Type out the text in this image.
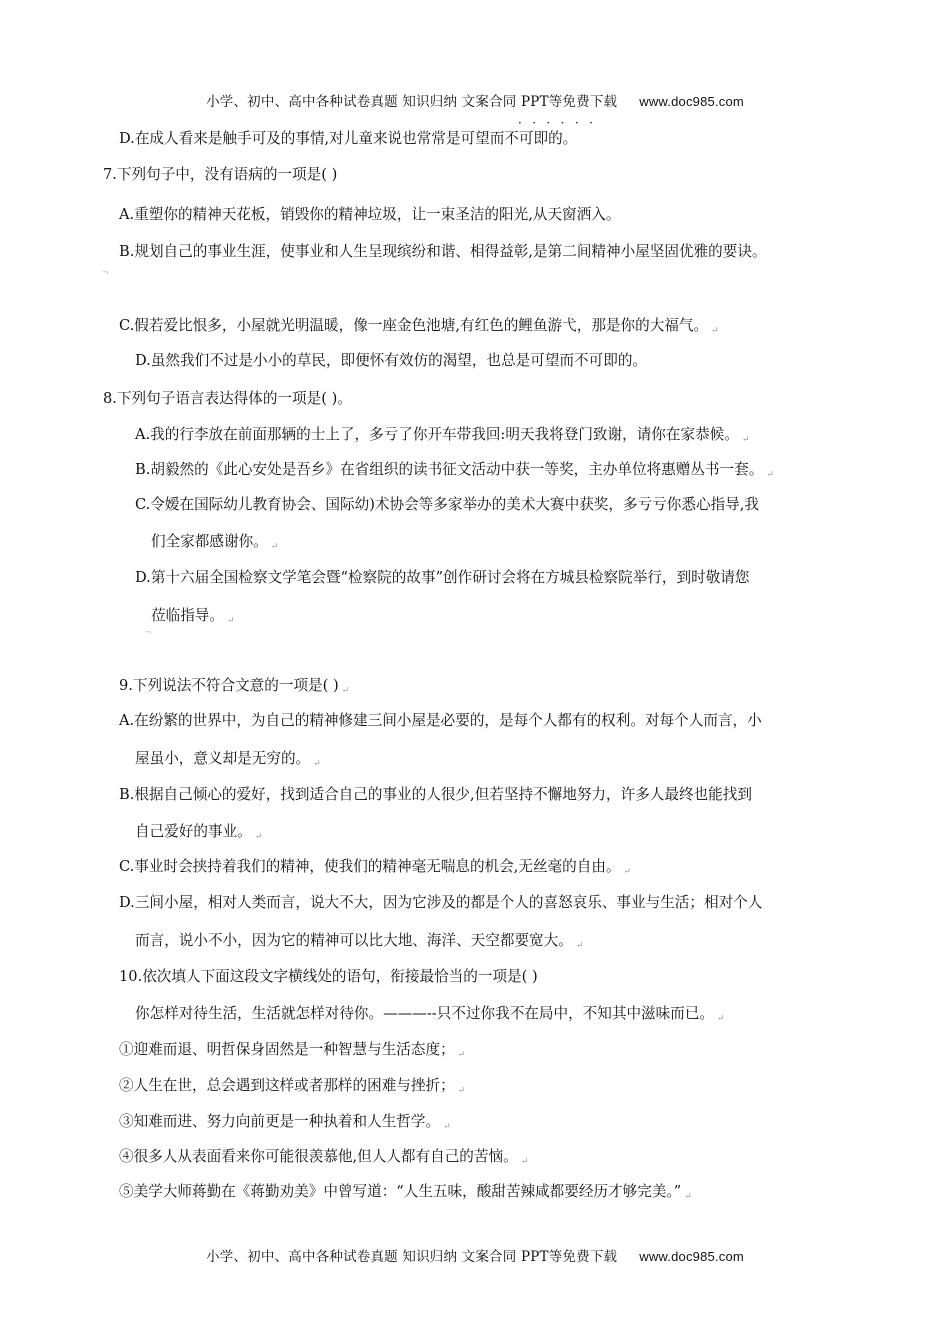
小学、初中、高中各种试卷真题 知识归纳 文案合同 PPT等免费下载 www.doc985.com
······
D.在成人看来是触手可及的事情,对儿童来说也常常是可望而不可即的。
7.下列句子中，没有语病的一项是( )
A.重塑你的精神天花板，销毁你的精神垃圾，让一束圣洁的阳光,从天窗洒入。
B.规划自己的事业生涯，使事业和人生呈现缤纷和谐、相得益彰,是第二间精神小屋坚固优雅的要诀。
¬
C.假若爱比恨多，小屋就光明温暖，像一座金色池塘,有红色的鲤鱼游弋，那是你的大福气。 $_↵$
D.虽然我们不过是小小的草民，即便怀有效仿的渴望，也总是可望而不可即的。
8.下列句子语言表达得体的一项是( )。
A.我的行李放在前面那辆的士上了，多亏了你开车带我回:明天我将登门致谢，请你在家恭候。 $_↵$
B.胡毅然的《此心安处是吾乡》在省组织的读书征文活动中获一等奖，主办单位将惠赠丛书一套。 $_↵$
C.令嫒在国际幼儿教育协会、国际幼)术协会等多家举办的美术大赛中获奖，多亏亏你悉心指导,我
们全家都感谢你。 $_↵$
D.第十六届全国检察文学笔会暨“检察院的故事”创作研讨会将在方城县检察院举行，到时敬请您
莅临指导。 $_↵$
¬
9.下列说法不符合文意的一项是( ) $_↵$
A.在纷繁的世界中，为自己的精神修建三间小屋是必要的，是每个人都有的权利。对每个人而言，小
屋虽小，意义却是无穷的。 $_↵$
B.根据自己倾心的爱好，找到适合自己的事业的人很少,但若坚持不懈地努力，许多人最终也能找到
自己爱好的事业。 $_↵$
C.事业时会挟持着我们的精神，使我们的精神毫无喘息的机会,无丝毫的自由。 $_↵$
D.三间小屋，相对人类而言，说大不大，因为它涉及的都是个人的喜怒哀乐、事业与生活；相对个人
而言，说小不小，因为它的精神可以比大地、海洋、天空都要宽大。 $_↵$
10.依次填人下面这段文字横线处的语句，衔接最恰当的一项是( )
你怎样对待生活，生活就怎样对待你。———--只不过你我不在局中，不知其中滋味而已。 $_↵$
①迎难而退、明哲保身固然是一种智慧与生活态度； $_↵$
②人生在世，总会遇到这样或者那样的困难与挫折； $_↵$
③知难而进、努力向前更是一种执着和人生哲学。 $_↵$
④很多人从表面看来你可能很羡慕他,但人人都有自己的苦恼。 $_↵$
⑤美学大师蒋勤在《蒋勤劝美》中曾写道：“人生五味，酸甜苦辣咸都要经历才够完美。” $_↵$
小学、初中、高中各种试卷真题 知识归纳 文案合同 PPT等免费下载 www.doc985.com
